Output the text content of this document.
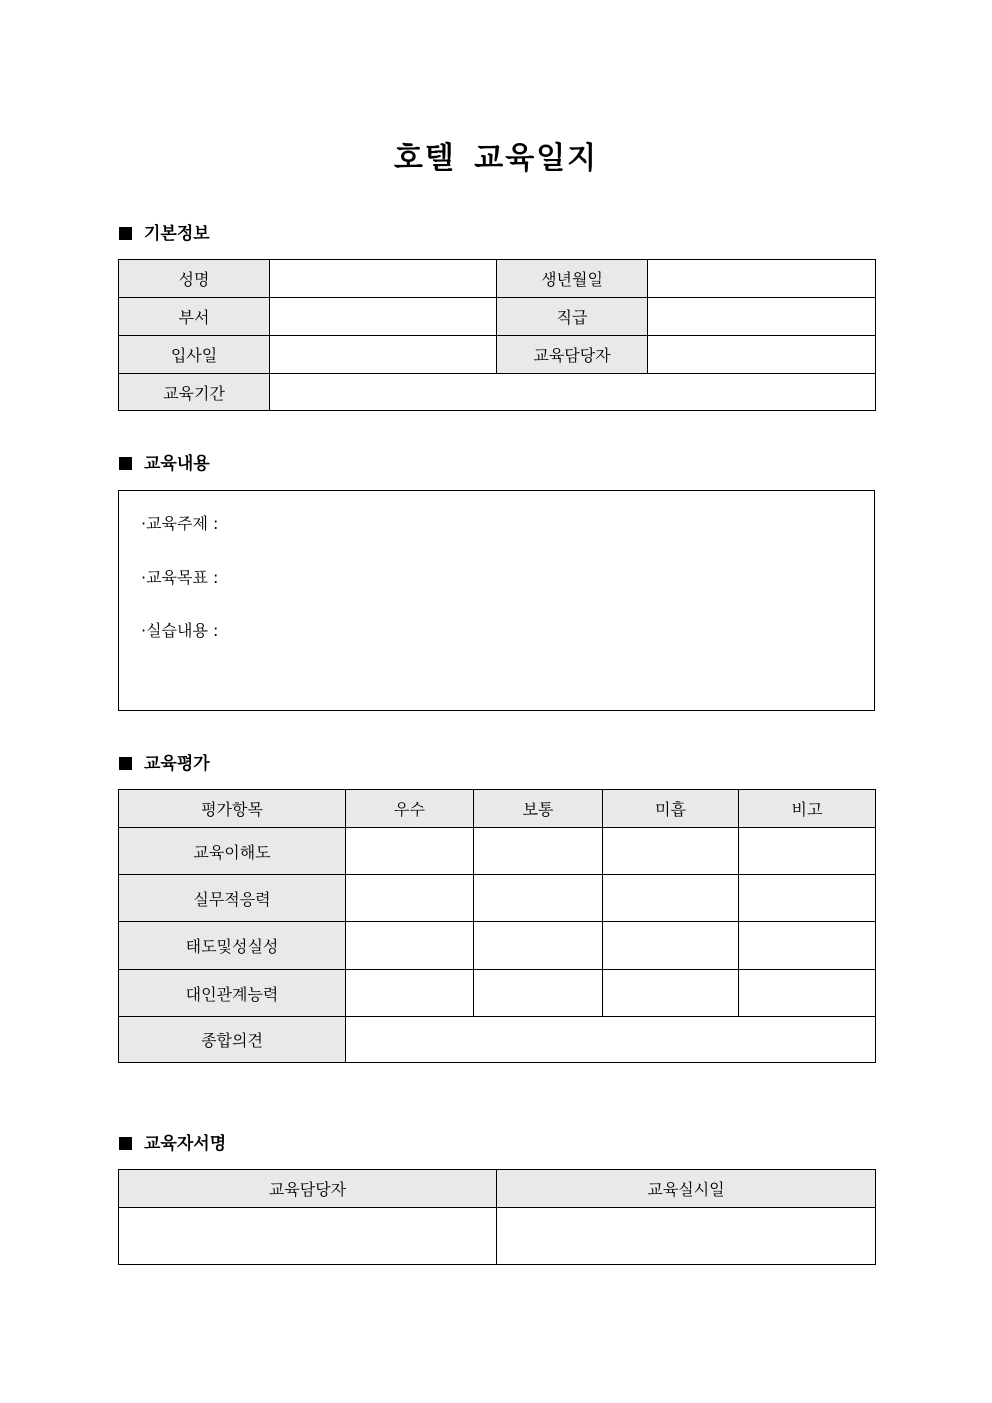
호텔 교육일지
기본정보
성명		생년월일	
부서		직급	
입사일		교육담당자	
교육기간			
교육내용
·교육주제 :
·교육목표 :
·실습내용 :
교육평가
평가항목	우수	보통	미흡	비고
교육이해도				
실무적응력				
태도및성실성				
대인관계능력				
종합의견				
교육자서명
교육담당자	교육실시일
